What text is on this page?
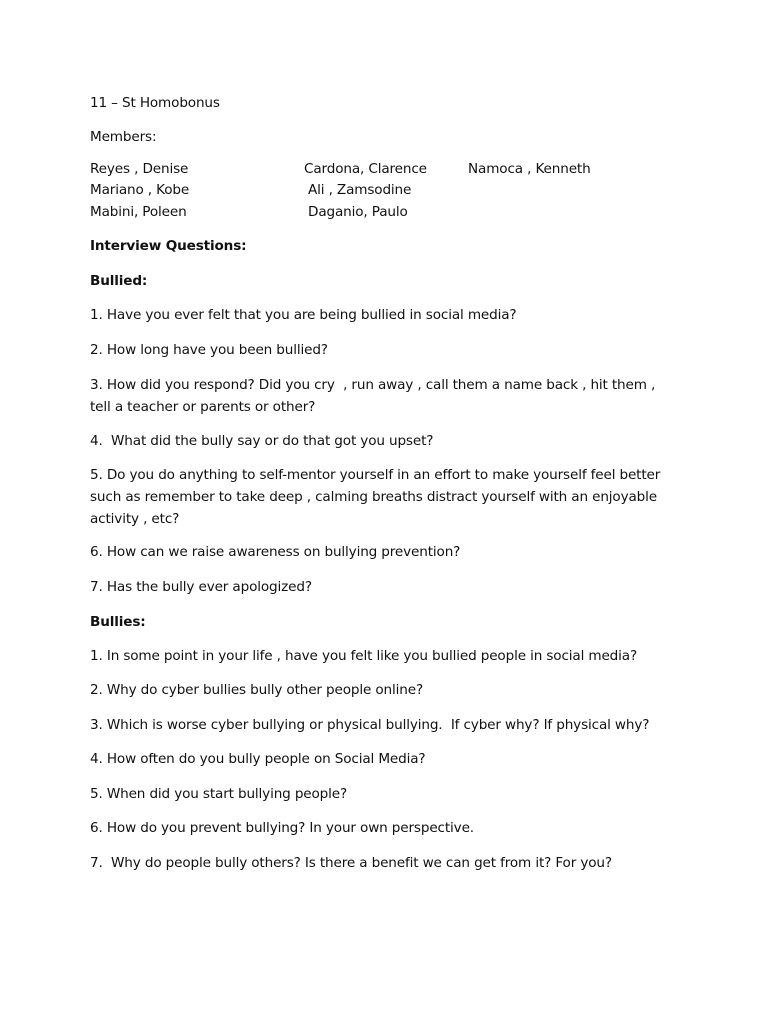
11 – St Homobonus
Members:
Reyes , Denise	Cardona, Clarence	Namoca , Kenneth
Mariano , Kobe	Ali , Zamsodine
Mabini, Poleen	Daganio, Paulo
Interview Questions:
Bullied:
1. Have you ever felt that you are being bullied in social media?
2. How long have you been bullied?
3. How did you respond? Did you cry  , run away , call them a name back , hit them ,
tell a teacher or parents or other?
4.  What did the bully say or do that got you upset?
5. Do you do anything to self-mentor yourself in an effort to make yourself feel better
such as remember to take deep , calming breaths distract yourself with an enjoyable
activity , etc?
6. How can we raise awareness on bullying prevention?
7. Has the bully ever apologized?
Bullies:
1. In some point in your life , have you felt like you bullied people in social media?
2. Why do cyber bullies bully other people online?
3. Which is worse cyber bullying or physical bullying.  If cyber why? If physical why?
4. How often do you bully people on Social Media?
5. When did you start bullying people?
6. How do you prevent bullying? In your own perspective.
7.  Why do people bully others? Is there a benefit we can get from it? For you?
